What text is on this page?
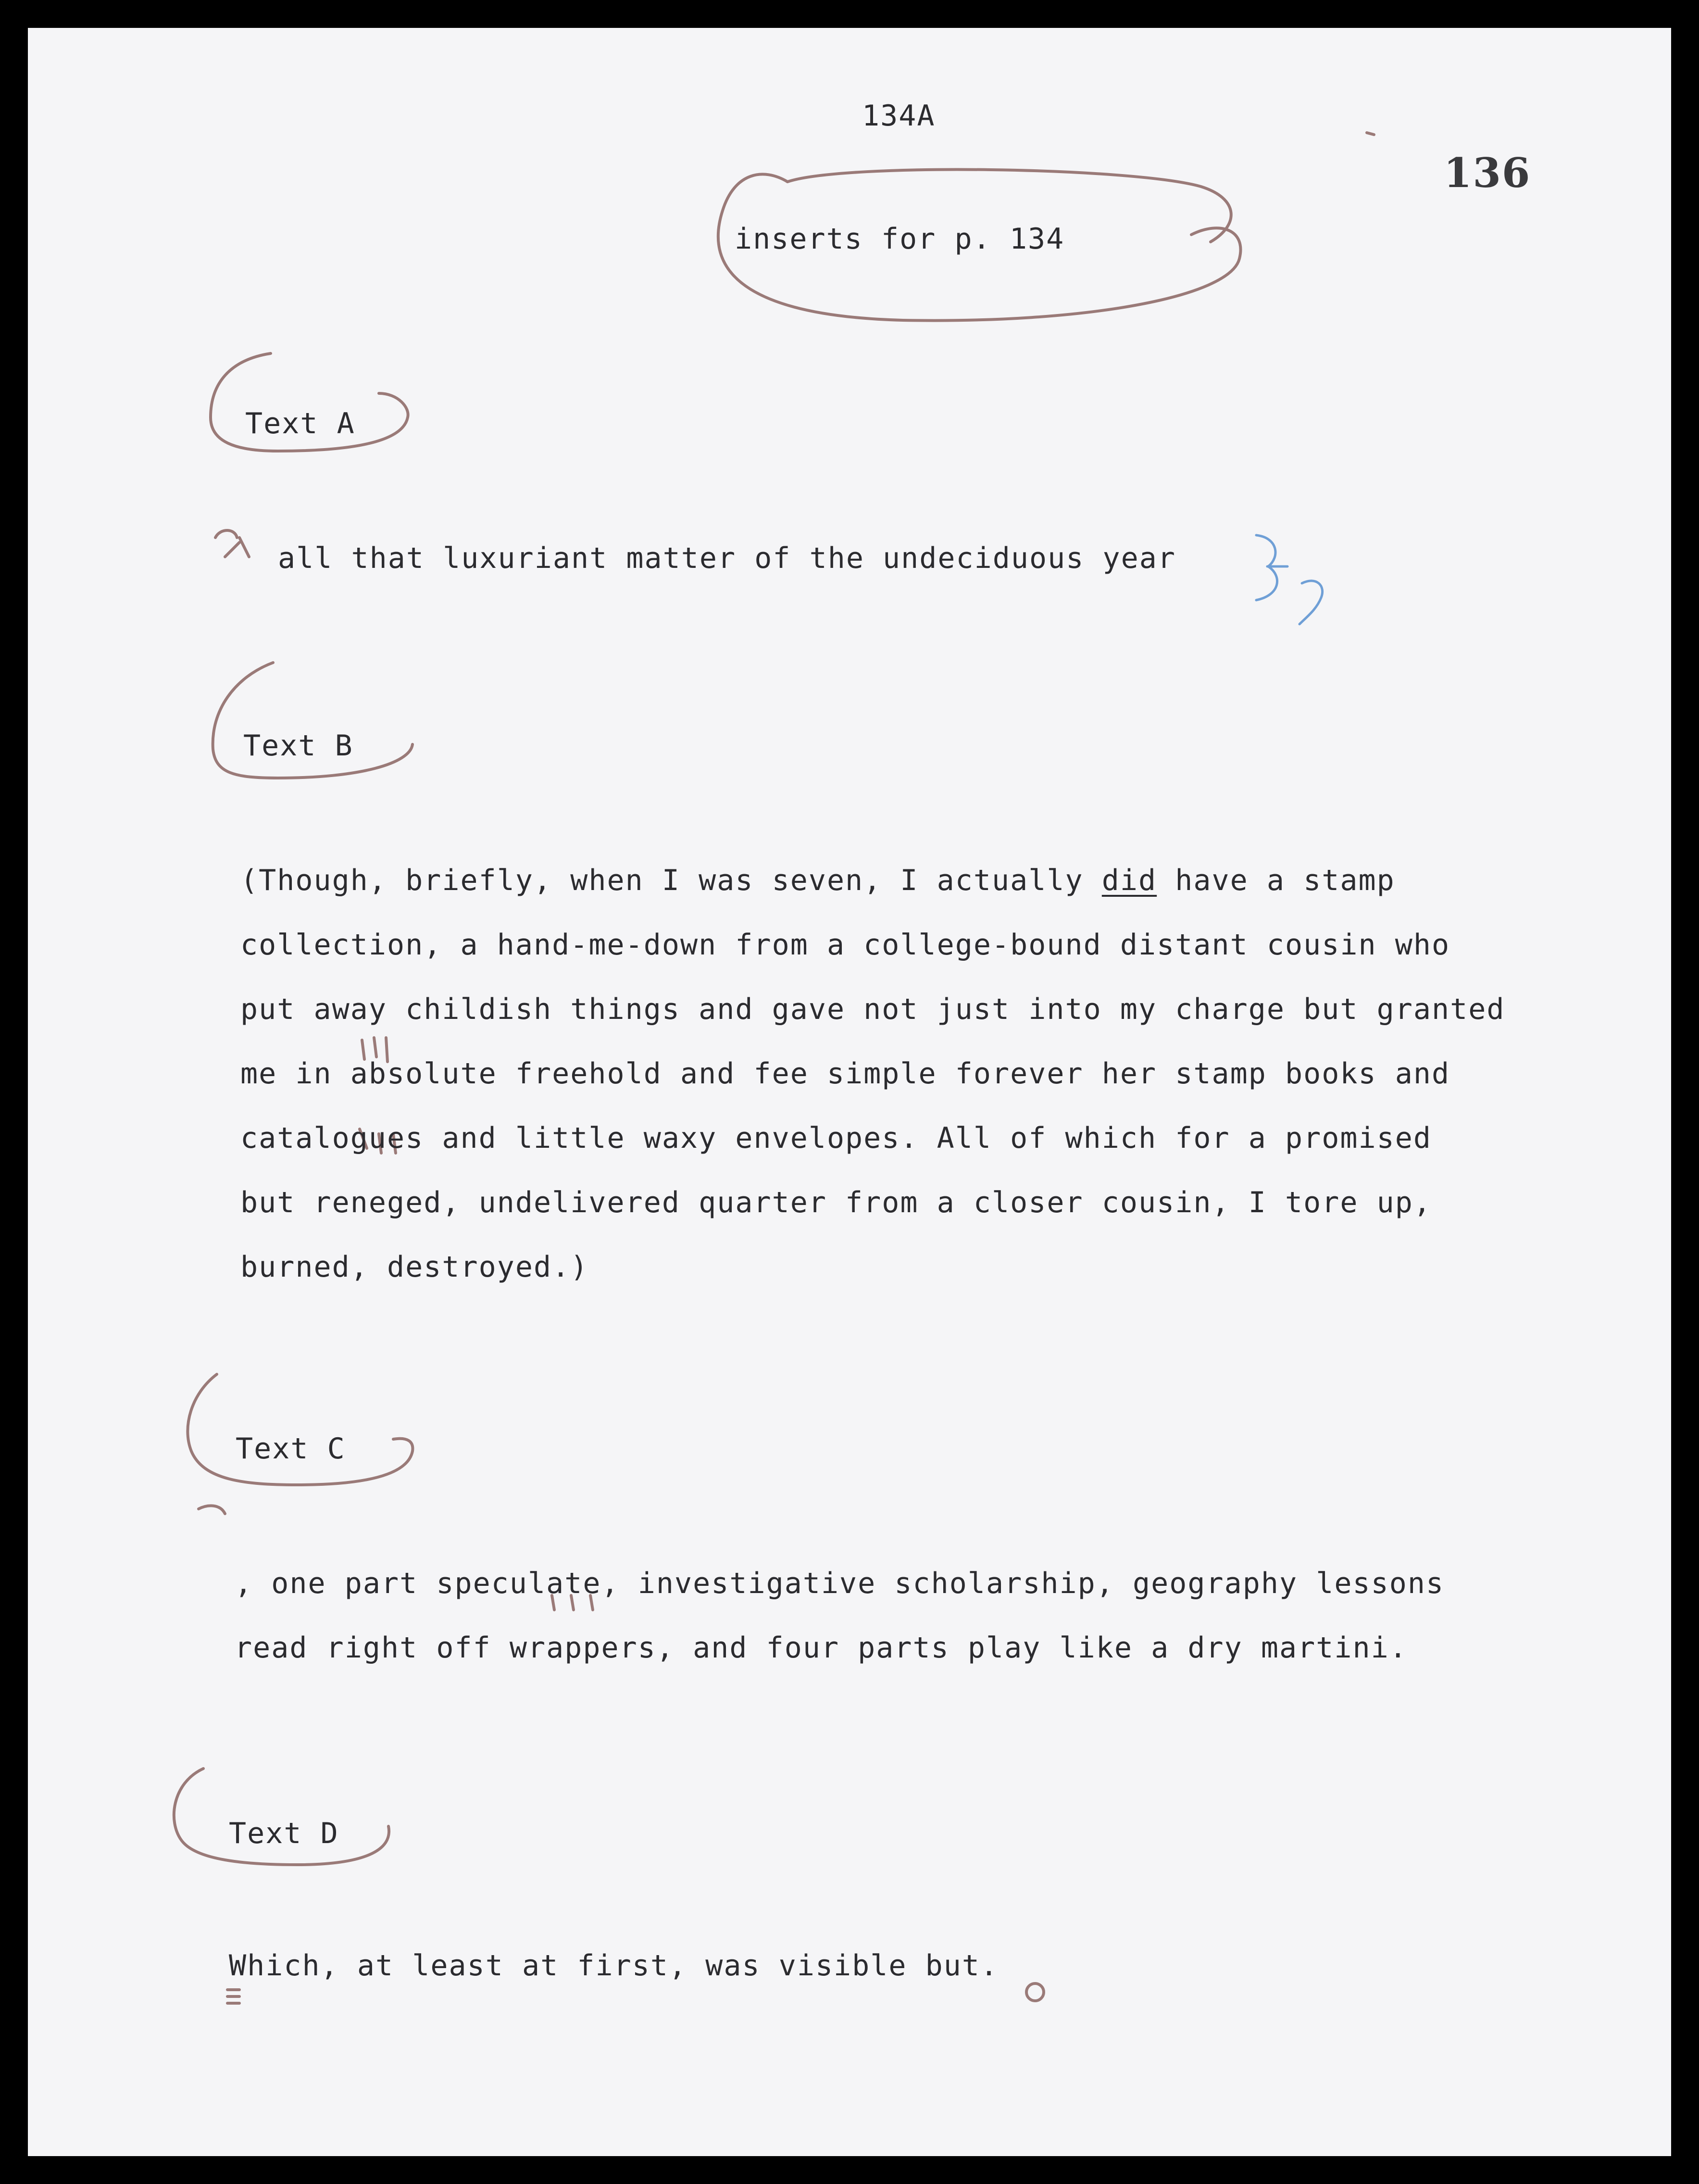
134A
136
inserts for p. 134
Text A
all that luxuriant matter of the undeciduous year
Text B
(Though, briefly, when I was seven, I actually did have a stamp
collection, a hand-me-down from a college-bound distant cousin who
put away childish things and gave not just into my charge but granted
me in absolute freehold and fee simple forever her stamp books and
catalogues and little waxy envelopes. All of which for a promised
but reneged, undelivered quarter from a closer cousin, I tore up,
burned, destroyed.)
Text C
, one part speculate, investigative scholarship, geography lessons
read right off wrappers, and four parts play like a dry martini.
Text D
Which, at least at first, was visible but.
